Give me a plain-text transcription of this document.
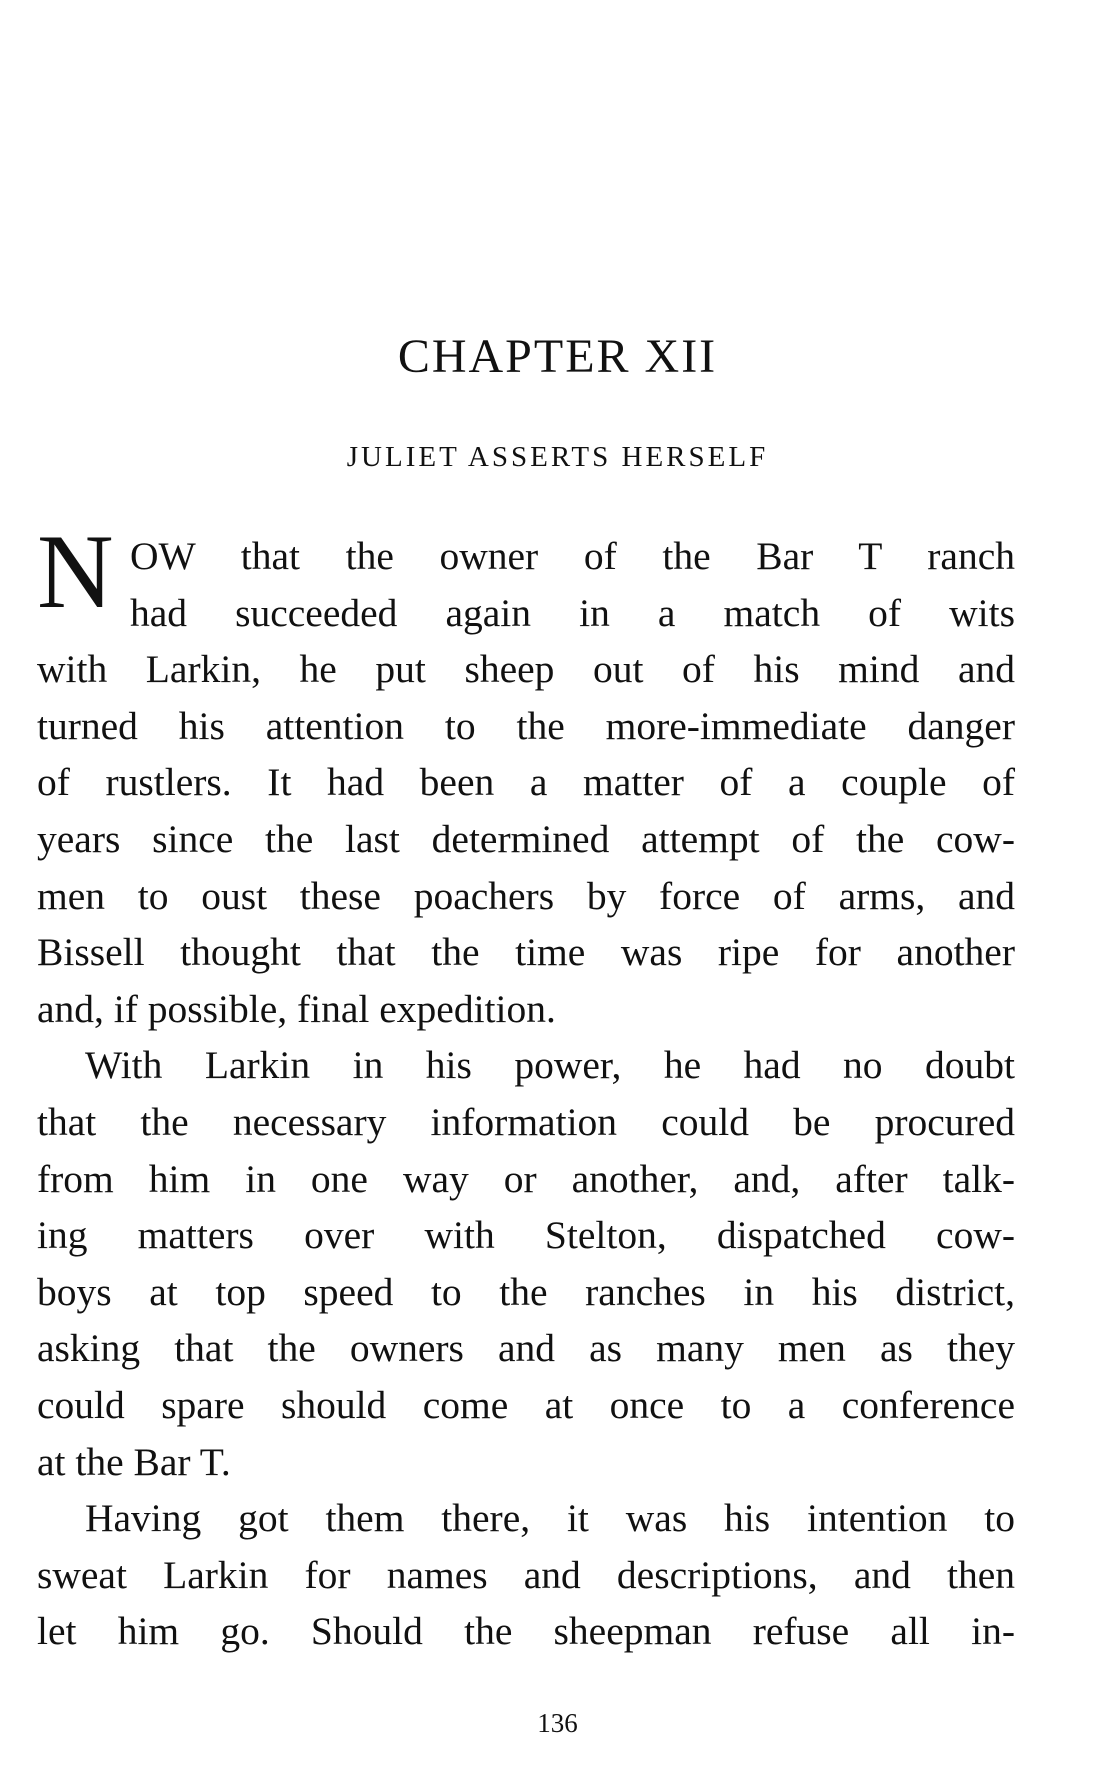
CHAPTER XII
JULIET ASSERTS HERSELF
N OW that the owner of the Bar T ranch
had succeeded again in a match of wits
with Larkin, he put sheep out of his mind and
turned his attention to the more-immediate danger
of rustlers. It had been a matter of a couple of
years since the last determined attempt of the cow-
men to oust these poachers by force of arms, and
Bissell thought that the time was ripe for another
and, if possible, final expedition.
With Larkin in his power, he had no doubt
that the necessary information could be procured
from him in one way or another, and, after talk-
ing matters over with Stelton, dispatched cow-
boys at top speed to the ranches in his district,
asking that the owners and as many men as they
could spare should come at once to a conference
at the Bar T.
Having got them there, it was his intention to
sweat Larkin for names and descriptions, and then
let him go. Should the sheepman refuse all in-
136
